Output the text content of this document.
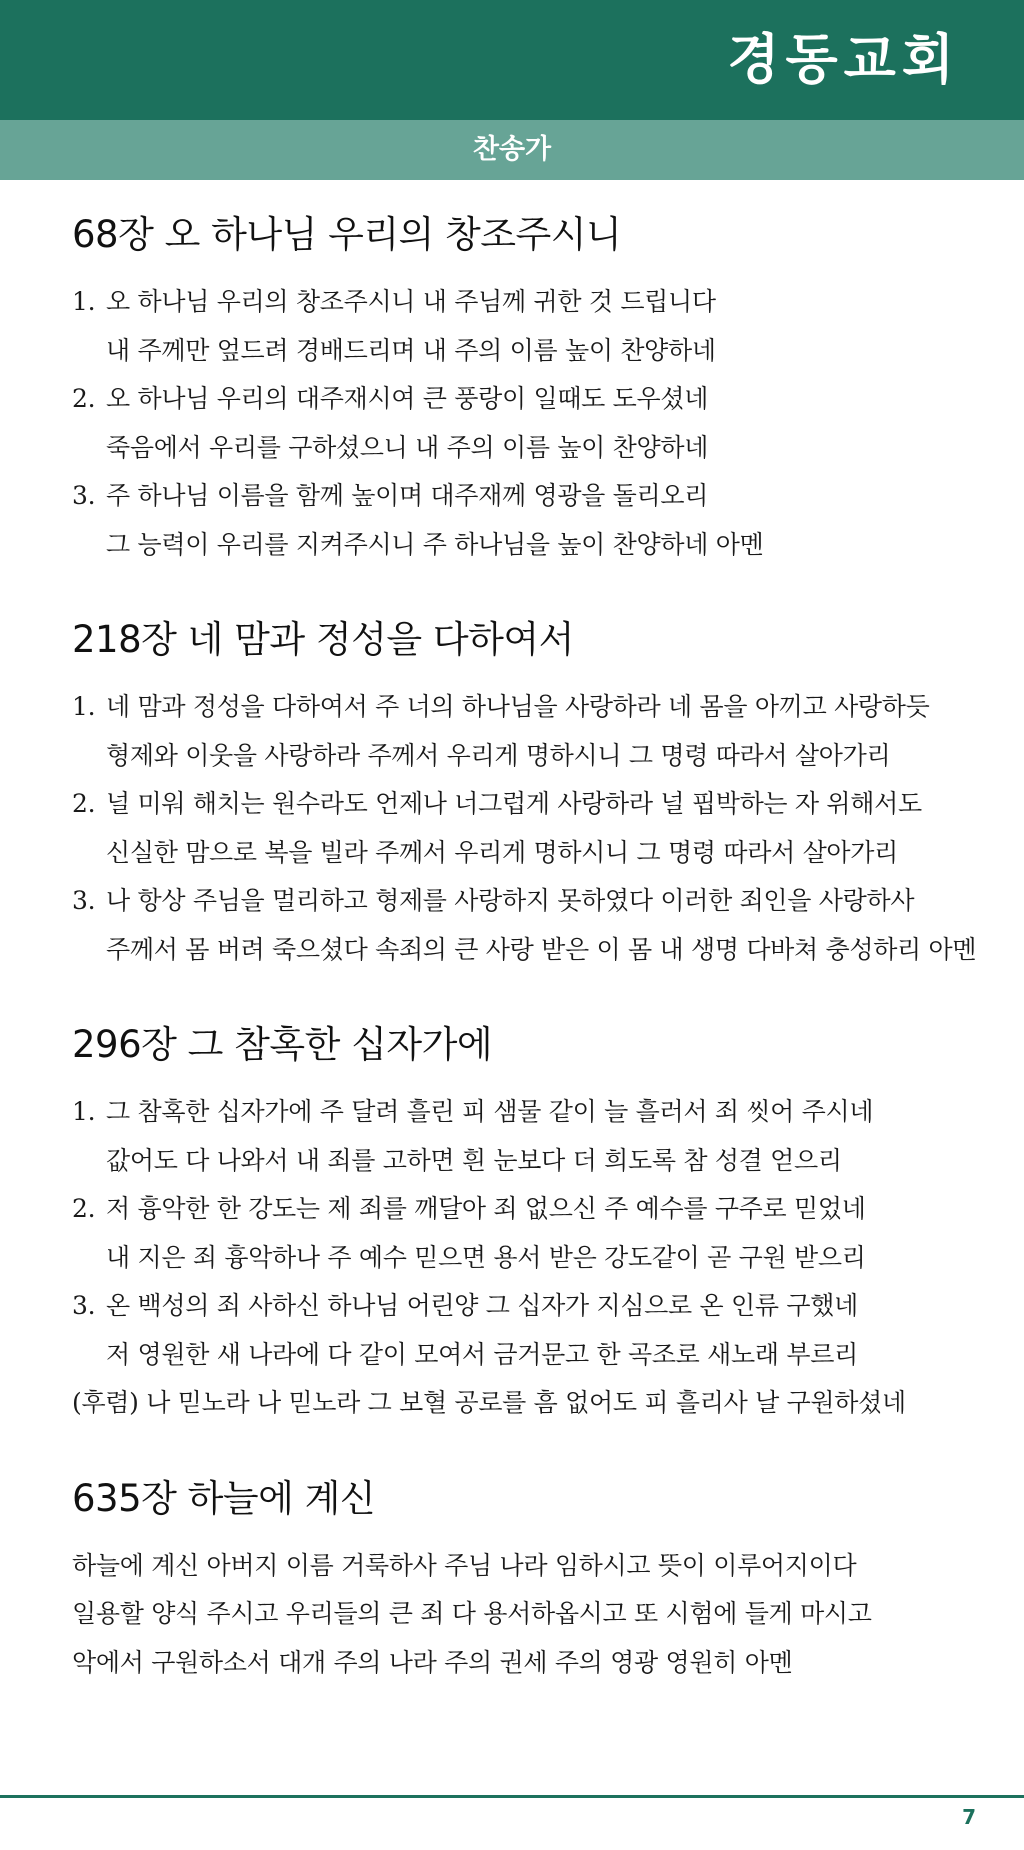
경동교회
찬송가
68장 오 하나님 우리의 창조주시니
1. 오 하나님 우리의 창조주시니 내 주님께 귀한 것 드립니다
내 주께만 엎드려 경배드리며 내 주의 이름 높이 찬양하네
2. 오 하나님 우리의 대주재시여 큰 풍랑이 일때도 도우셨네
죽음에서 우리를 구하셨으니 내 주의 이름 높이 찬양하네
3. 주 하나님 이름을 함께 높이며 대주재께 영광을 돌리오리
그 능력이 우리를 지켜주시니 주 하나님을 높이 찬양하네 아멘
218장 네 맘과 정성을 다하여서
1. 네 맘과 정성을 다하여서 주 너의 하나님을 사랑하라 네 몸을 아끼고 사랑하듯
형제와 이웃을 사랑하라 주께서 우리게 명하시니 그 명령 따라서 살아가리
2. 널 미워 해치는 원수라도 언제나 너그럽게 사랑하라 널 핍박하는 자 위해서도
신실한 맘으로 복을 빌라 주께서 우리게 명하시니 그 명령 따라서 살아가리
3. 나 항상 주님을 멀리하고 형제를 사랑하지 못하였다 이러한 죄인을 사랑하사
주께서 몸 버려 죽으셨다 속죄의 큰 사랑 받은 이 몸 내 생명 다바쳐 충성하리 아멘
296장 그 참혹한 십자가에
1. 그 참혹한 십자가에 주 달려 흘린 피 샘물 같이 늘 흘러서 죄 씻어 주시네
값어도 다 나와서 내 죄를 고하면 흰 눈보다 더 희도록 참 성결 얻으리
2. 저 흉악한 한 강도는 제 죄를 깨달아 죄 없으신 주 예수를 구주로 믿었네
내 지은 죄 흉악하나 주 예수 믿으면 용서 받은 강도같이 곧 구원 받으리
3. 온 백성의 죄 사하신 하나님 어린양 그 십자가 지심으로 온 인류 구했네
저 영원한 새 나라에 다 같이 모여서 금거문고 한 곡조로 새노래 부르리
(후렴) 나 믿노라 나 믿노라 그 보혈 공로를 흠 없어도 피 흘리사 날 구원하셨네
635장 하늘에 계신
하늘에 계신 아버지 이름 거룩하사 주님 나라 임하시고 뜻이 이루어지이다
일용할 양식 주시고 우리들의 큰 죄 다 용서하옵시고 또 시험에 들게 마시고
악에서 구원하소서 대개 주의 나라 주의 권세 주의 영광 영원히 아멘
7
